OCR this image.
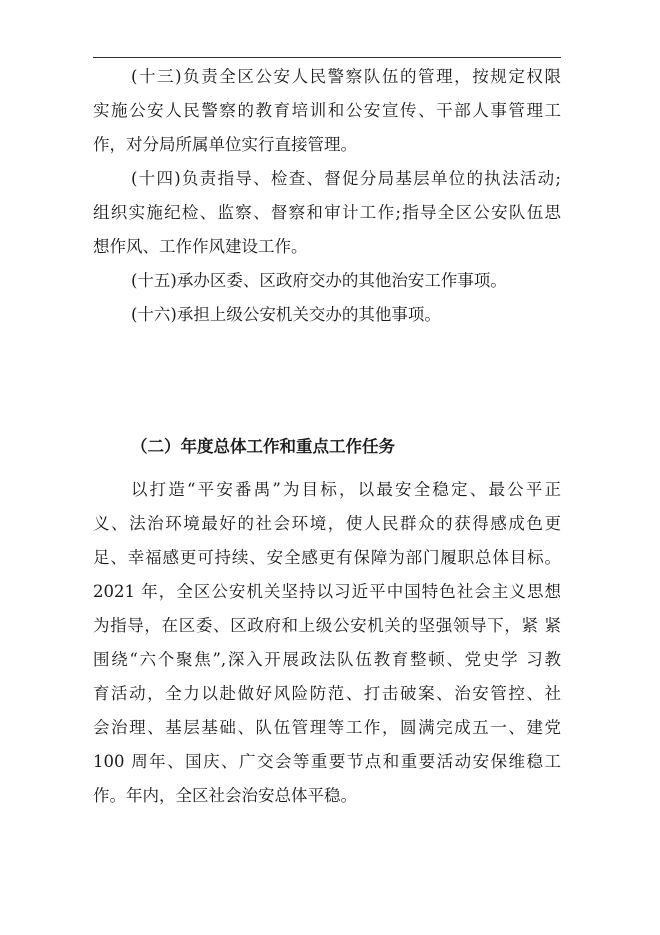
(十三)负责全区公安人民警察队伍的管理，按规定权限
实施公安人民警察的教育培训和公安宣传、干部人事管理工
作，对分局所属单位实行直接管理。
(十四)负责指导、检查、督促分局基层单位的执法活动;
组织实施纪检、监察、督察和审计工作;指导全区公安队伍思
想作风、工作作风建设工作。
(十五)承办区委、区政府交办的其他治安工作事项。
(十六)承担上级公安机关交办的其他事项。
（二）年度总体工作和重点工作任务
以打造“平安番禺”为目标，以最安全稳定、最公平正
义、法治环境最好的社会环境，使人民群众的获得感成色更
足、幸福感更可持续、安全感更有保障为部门履职总体目标。
2021 年，全区公安机关坚持以习近平中国特色社会主义思想
为指导，在区委、区政府和上级公安机关的坚强领导下，紧 紧
围绕“六个聚焦”,深入开展政法队伍教育整顿、党史学 习教
育活动，全力以赴做好风险防范、打击破案、治安管控、社
会治理、基层基础、队伍管理等工作，圆满完成五一、建党
100 周年、国庆、广交会等重要节点和重要活动安保维稳工
作。年内，全区社会治安总体平稳。
